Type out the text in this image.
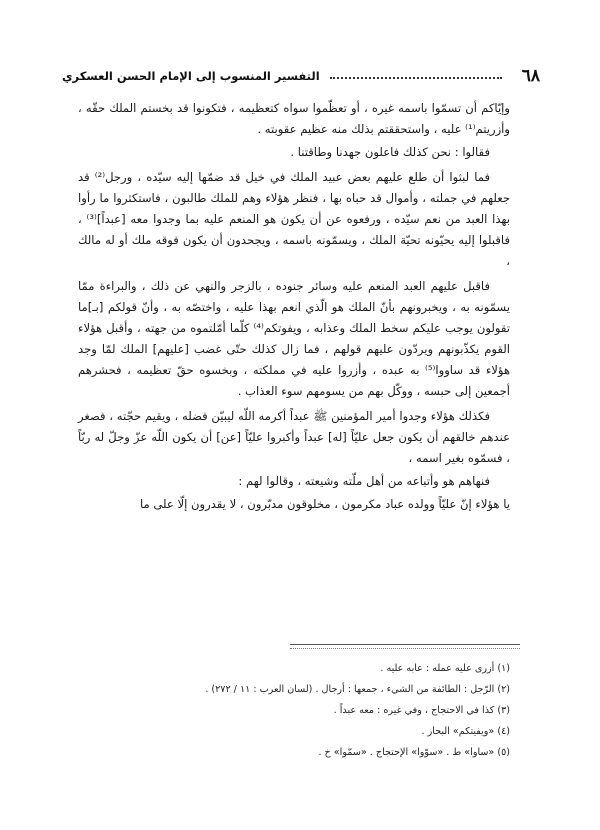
٦٨
التفسير المنسوب إلى الإمام الحسن العسكري

وإيّاكم أن تسمّوا باسمه غيره ، أو تعظّموا سواه كتعظيمه ، فتكونوا قد بخستم الملك حقّه ، وأزريتم⁽¹⁾ عليه ، واستحققتم بذلك منه عظيم عقوبته .

فقالوا : نحن كذلك فاعلون جهدنا وطاقتنا .

فما لبثوا أن طلع عليهم بعض عبيد الملك في خيل قد ضمّها إليه سيّده ، ورجل⁽²⁾ قد جعلهم في جملته ، وأموال قد حباه بها ، فنظر هؤلاء وهم للملك طالبون ، فاستكثروا ما رأوا بهذا العبد من نعم سيّده ، ورفعوه عن أن يكون هو المنعم عليه بما وجدوا معه [عبداً]⁽³⁾ ، فاقبلوا إليه يحيّونه تحيّة الملك ، ويسمّونه باسمه ، ويجحدون أن يكون فوقه ملك أو له مالك ،

فاقبل عليهم العبد المنعم عليه وسائر جنوده ، بالزجر والنهي عن ذلك ، والبراءة ممّا يسمّونه به ، ويخبرونهم بأنّ الملك هو الّذي انعم بهذا عليه ، واختصّه به ، وأنّ قولكم [بـ]ما تقولون يوجب عليكم سخط الملك وعذابه ، ويفوتكم⁽⁴⁾ كلّما أمّلتموه من جهته ، وأقبل هؤلاء القوم يكذّبونهم ويردّون عليهم قولهم ، فما زال كذلك حتّى غضب [عليهم] الملك لمّا وجد هؤلاء قد ساووا⁽⁵⁾ به عبده ، وأزروا عليه في مملكته ، وبخسوه حقّ تعظيمه ، فحشرهم أجمعين إلى حبسه ، ووكّل بهم من يسومهم سوء العذاب .

فكذلك هؤلاء وجدوا أمير المؤمنين ﷺ عبداً أكرمه اللّه ليبيّن فضله ، ويقيم حجّته ، فصغر عندهم خالقهم أن يكون جعل عليّاً [له] عبداً وأكبروا عليّاً [عن] أن يكون اللّه عزّ وجلّ له ربّاً ، فسمّوه بغير اسمه ،

فنهاهم هو وأتباعه من أهل ملّته وشيعته ، وقالوا لهم :

يا هؤلاء إنّ عليّاً وولده عباد مكرمون ، مخلوقون مدبّرون ، لا يقدرون إلّا على ما

(١) أزرى عليه عمله : عابه عليه .
(٢) الرّجل : الطائفة من الشيء ، جمعها : أرجال . (لسان العرب : ١١ / ٢٧٢) .
(٣) كذا في الاحتجاج ، وفي غيره : معه عبداً .
(٤) «ويفيتكم» البحار .
(٥) «ساوا» ط . «سوّوا» الإحتجاج . «سمّوا» خ .
